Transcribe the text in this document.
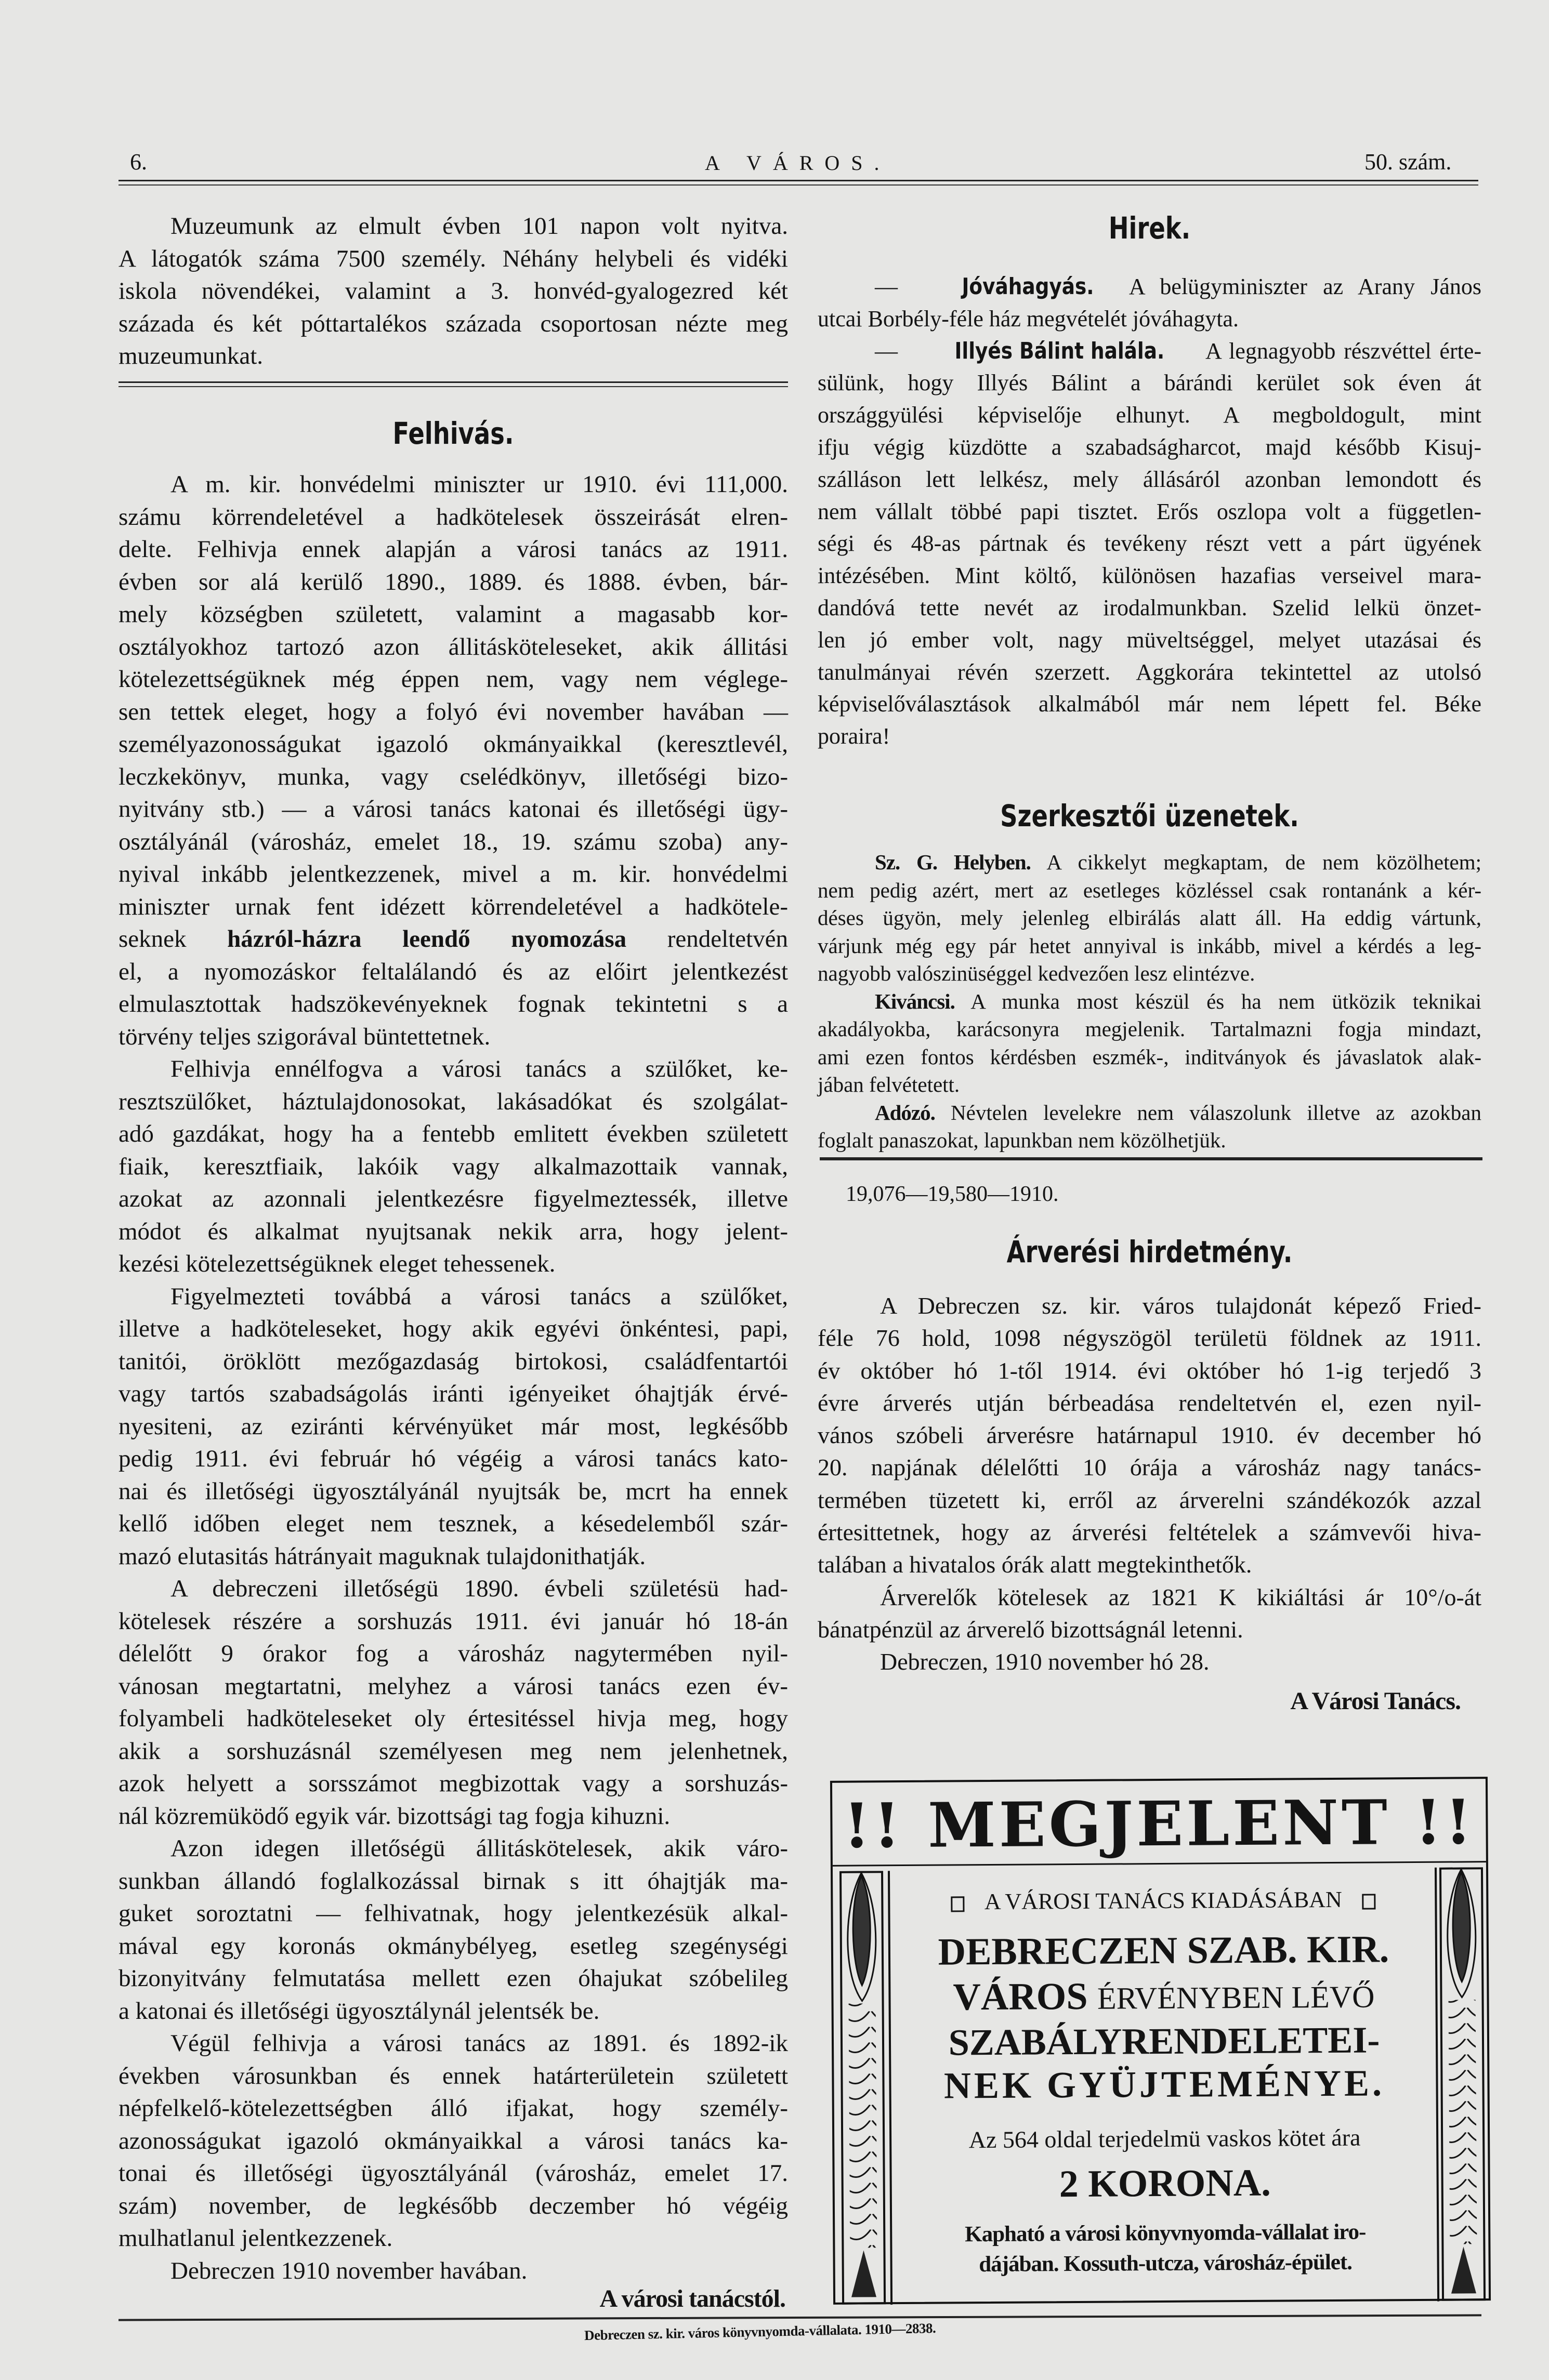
6.	A VÁROS.	50. szám.
Muzeumunk az elmult évben 101 napon volt nyitva.
A látogatók száma 7500 személy. Néhány helybeli és vidéki
iskola növendékei, valamint a 3. honvéd-gyalogezred két
százada és két póttartalékos százada csoportosan nézte meg
muzeumunkat.
Felhivás.
A m. kir. honvédelmi miniszter ur 1910. évi 111,000.
számu körrendeletével a hadkötelesek összeirását elren-
delte. Felhivja ennek alapján a városi tanács az 1911.
évben sor alá kerülő 1890., 1889. és 1888. évben, bár-
mely községben született, valamint a magasabb kor-
osztályokhoz tartozó azon állitásköteleseket, akik állitási
kötelezettségüknek még éppen nem, vagy nem véglege-
sen tettek eleget, hogy a folyó évi november havában —
személyazonosságukat igazoló okmányaikkal (keresztlevél,
leczkekönyv, munka, vagy cselédkönyv, illetőségi bizo-
nyitvány stb.) — a városi tanács katonai és illetőségi ügy-
osztályánál (városház, emelet 18., 19. számu szoba) any-
nyival inkább jelentkezzenek, mivel a m. kir. honvédelmi
miniszter urnak fent idézett körrendeletével a hadkötele-
seknek házról-házra leendő nyomozása rendeltetvén
el, a nyomozáskor feltalálandó és az előirt jelentkezést
elmulasztottak hadszökevényeknek fognak tekintetni s a
törvény teljes szigorával büntettetnek.
Felhivja ennélfogva a városi tanács a szülőket, ke-
resztszülőket, háztulajdonosokat, lakásadókat és szolgálat-
adó gazdákat, hogy ha a fentebb emlitett években született
fiaik, keresztfiaik, lakóik vagy alkalmazottaik vannak,
azokat az azonnali jelentkezésre figyelmeztessék, illetve
módot és alkalmat nyujtsanak nekik arra, hogy jelent-
kezési kötelezettségüknek eleget tehessenek.
Figyelmezteti továbbá a városi tanács a szülőket,
illetve a hadköteleseket, hogy akik egyévi önkéntesi, papi,
tanitói, öröklött mezőgazdaság birtokosi, családfentartói
vagy tartós szabadságolás iránti igényeiket óhajtják érvé-
nyesiteni, az eziránti kérvényüket már most, legkésőbb
pedig 1911. évi február hó végéig a városi tanács kato-
nai és illetőségi ügyosztályánál nyujtsák be, mcrt ha ennek
kellő időben eleget nem tesznek, a késedelemből szár-
mazó elutasitás hátrányait maguknak tulajdonithatják.
A debreczeni illetőségü 1890. évbeli születésü had-
kötelesek részére a sorshuzás 1911. évi január hó 18-án
délelőtt 9 órakor fog a városház nagytermében nyil-
vánosan megtartatni, melyhez a városi tanács ezen év-
folyambeli hadköteleseket oly értesitéssel hivja meg, hogy
akik a sorshuzásnál személyesen meg nem jelenhetnek,
azok helyett a sorsszámot megbizottak vagy a sorshuzás-
nál közremüködő egyik vár. bizottsági tag fogja kihuzni.
Azon idegen illetőségü állitáskötelesek, akik váro-
sunkban állandó foglalkozással birnak s itt óhajtják ma-
guket soroztatni — felhivatnak, hogy jelentkezésük alkal-
mával egy koronás okmánybélyeg, esetleg szegénységi
bizonyitvány felmutatása mellett ezen óhajukat szóbelileg
a katonai és illetőségi ügyosztálynál jelentsék be.
Végül felhivja a városi tanács az 1891. és 1892-ik
években városunkban és ennek határterületein született
népfelkelő-kötelezettségben álló ifjakat, hogy személy-
azonosságukat igazoló okmányaikkal a városi tanács ka-
tonai és illetőségi ügyosztályánál (városház, emelet 17.
szám) november, de legkésőbb deczember hó végéig
mulhatlanul jelentkezzenek.
Debreczen 1910 november havában.
A városi tanácstól.
Hirek.
— Jóváhagyás. A belügyminiszter az Arany János
utcai Borbély-féle ház megvételét jóváhagyta.
— Illyés Bálint halála. A legnagyobb részvéttel érte-
sülünk, hogy Illyés Bálint a bárándi kerület sok éven át
országgyülési képviselője elhunyt. A megboldogult, mint
ifju végig küzdötte a szabadságharcot, majd később Kisuj-
szálláson lett lelkész, mely állásáról azonban lemondott és
nem vállalt többé papi tisztet. Erős oszlopa volt a független-
ségi és 48-as pártnak és tevékeny részt vett a párt ügyének
intézésében. Mint költő, különösen hazafias verseivel mara-
dandóvá tette nevét az irodalmunkban. Szelid lelkü önzet-
len jó ember volt, nagy müveltséggel, melyet utazásai és
tanulmányai révén szerzett. Aggkorára tekintettel az utolsó
képviselőválasztások alkalmából már nem lépett fel. Béke
poraira!
Szerkesztői üzenetek.
Sz. G. Helyben. A cikkelyt megkaptam, de nem közölhetem;
nem pedig azért, mert az esetleges közléssel csak rontanánk a kér-
déses ügyön, mely jelenleg elbirálás alatt áll. Ha eddig vártunk,
várjunk még egy pár hetet annyival is inkább, mivel a kérdés a leg-
nagyobb valószinüséggel kedvezően lesz elintézve.
Kiváncsi. A munka most készül és ha nem ütközik teknikai
akadályokba, karácsonyra megjelenik. Tartalmazni fogja mindazt,
ami ezen fontos kérdésben eszmék-, inditványok és jávaslatok alak-
jában felvétetett.
Adózó. Névtelen levelekre nem válaszolunk illetve az azokban
foglalt panaszokat, lapunkban nem közölhetjük.
19,076—19,580—1910.
Árverési hirdetmény.
A Debreczen sz. kir. város tulajdonát képező Fried-
féle 76 hold, 1098 négyszögöl területü földnek az 1911.
év október hó 1-től 1914. évi október hó 1-ig terjedő 3
évre árverés utján bérbeadása rendeltetvén el, ezen nyil-
vános szóbeli árverésre határnapul 1910. év december hó
20. napjának délelőtti 10 órája a városház nagy tanács-
termében tüzetett ki, erről az árverelni szándékozók azzal
értesittetnek, hogy az árverési feltételek a számvevői hiva-
talában a hivatalos órák alatt megtekinthetők.
Árverelők kötelesek az 1821 K kikiáltási ár 10°/o-át
bánatpénzül az árverelő bizottságnál letenni.
Debreczen, 1910 november hó 28.
A Városi Tanács.
!! MEGJELENT !!
A VÁROSI TANÁCS KIADÁSÁBAN
DEBRECZEN SZAB. KIR.
VÁROS ÉRVÉNYBEN LÉVŐ
SZABÁLYRENDELETEI-
NEK GYÜJTEMÉNYE.
Az 564 oldal terjedelmü vaskos kötet ára
2 KORONA.
Kapható a városi könyvnyomda-vállalat iro-
dájában. Kossuth-utcza, városház-épület.
Debreczen sz. kir. város könyvnyomda-vállalata. 1910—2838.
